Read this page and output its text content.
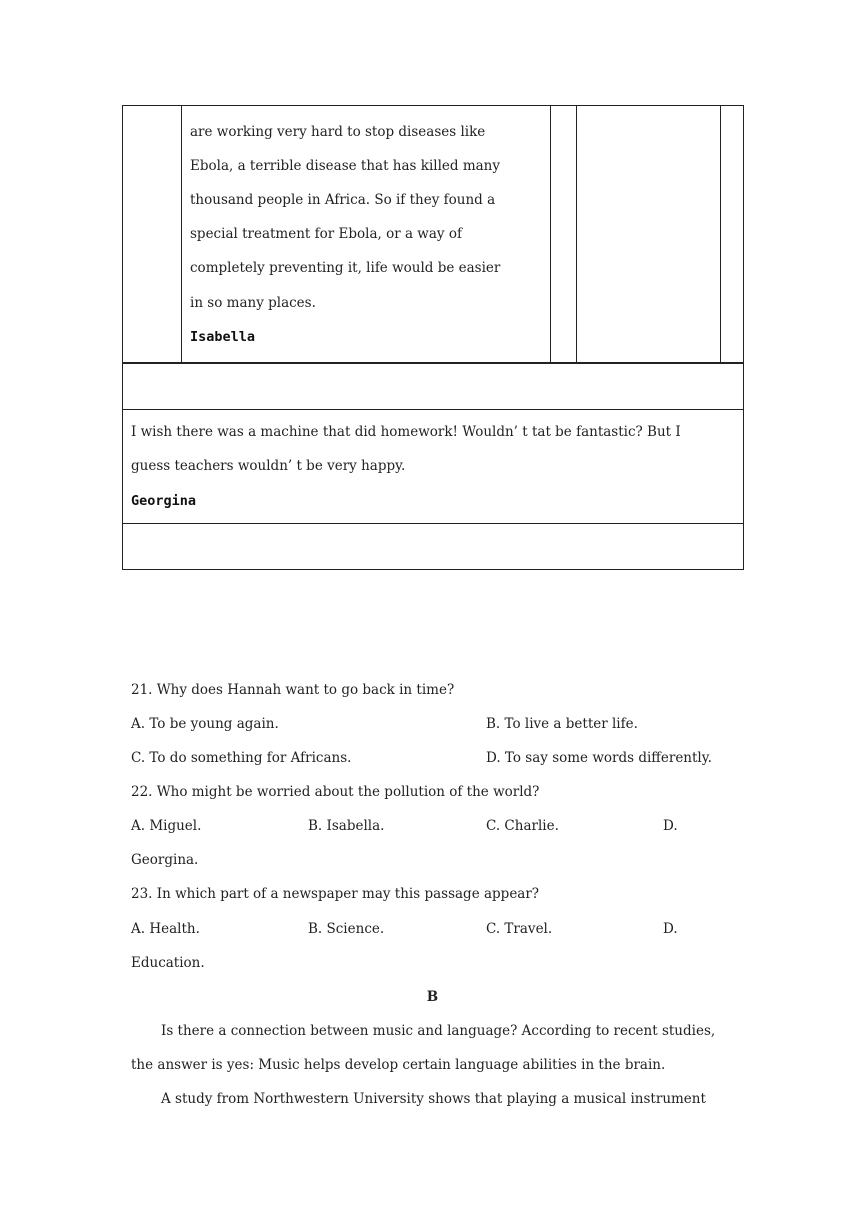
are working very hard to stop diseases like
Ebola, a terrible disease that has killed many
thousand people in Africa. So if they found a
special treatment for Ebola, or a way of
completely preventing it, life would be easier
in so many places.
Isabella
I wish there was a machine that did homework! Wouldn’ t tat be fantastic? But I
guess teachers wouldn’ t be very happy.
Georgina
21. Why does Hannah want to go back in time?
A. To be young again.	B. To live a better life.
C. To do something for Africans.	D. To say some words differently.
22. Who might be worried about the pollution of the world?
A. Miguel.	B. Isabella.	C. Charlie.	D.
Georgina.
23. In which part of a newspaper may this passage appear?
A. Health.	B. Science.	C. Travel.	D.
Education.
B
Is there a connection between music and language? According to recent studies,
the answer is yes: Music helps develop certain language abilities in the brain.
A study from Northwestern University shows that playing a musical instrument
